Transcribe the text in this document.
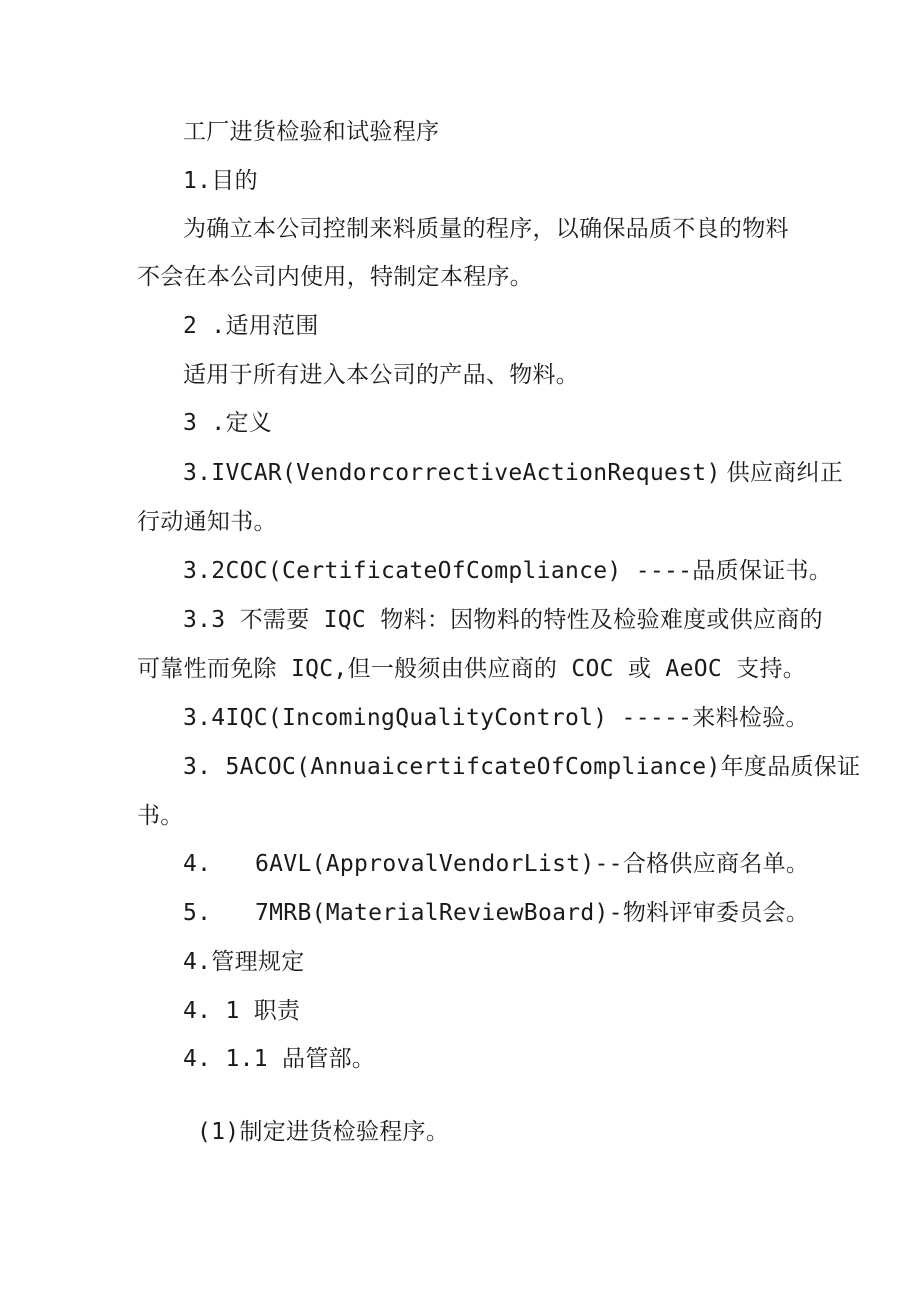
工厂进货检验和试验程序
1.目的
为确立本公司控制来料质量的程序，以确保品质不良的物料
不会在本公司内使用，特制定本程序。
2 .适用范围
适用于所有进入本公司的产品、物料。
3 .定义
3.IVCAR(VendorcorrectiveActionRequest) 供 应 商 纠 正
行动通知书。
3.2COC(CertificateOfCompliance) ----品质保证书。
3.3 不需要 IQC 物料：因物料的特性及检验难度或供应商的
可靠性而免除 IQC,但一般须由供应商的 COC 或 AeOC 支持。
3.4IQC(IncomingQualityControl) -----来料检验。
3. 5ACOC(AnnuaicertifcateOfCompliance)年度品质保证
书。
4. 6AVL(ApprovalVendorList)--合格供应商名单。
5. 7MRB(MaterialReviewBoard)-物料评审委员会。
4.管理规定
4. 1 职责
4. 1.1 品管部。
(1)制定进货检验程序。
